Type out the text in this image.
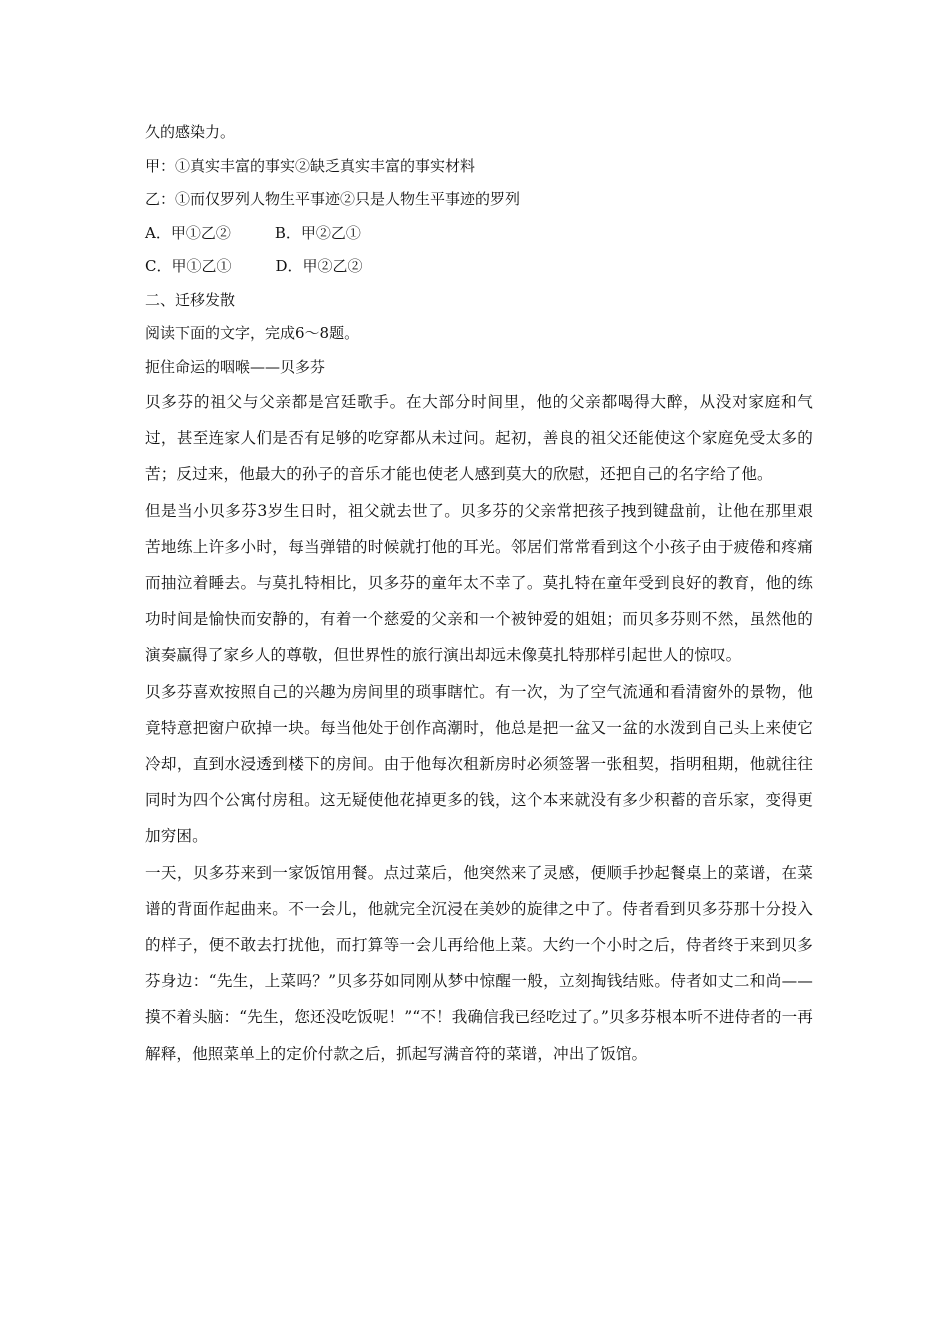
久的感染力。

甲：①真实丰富的事实②缺乏真实丰富的事实材料

乙：①而仅罗列人物生平事迹②只是人物生平事迹的罗列

A．甲①乙②	B．甲②乙①

C．甲①乙①	D．甲②乙②

二、迁移发散

阅读下面的文字，完成6～8题。

扼住命运的咽喉——贝多芬

贝多芬的祖父与父亲都是宫廷歌手。在大部分时间里，他的父亲都喝得大醉，从没对家庭和气过，甚至连家人们是否有足够的吃穿都从未过问。起初，善良的祖父还能使这个家庭免受太多的苦；反过来，他最大的孙子的音乐才能也使老人感到莫大的欣慰，还把自己的名字给了他。

但是当小贝多芬3岁生日时，祖父就去世了。贝多芬的父亲常把孩子拽到键盘前，让他在那里艰苦地练上许多小时，每当弹错的时候就打他的耳光。邻居们常常看到这个小孩子由于疲倦和疼痛而抽泣着睡去。与莫扎特相比，贝多芬的童年太不幸了。莫扎特在童年受到良好的教育，他的练功时间是愉快而安静的，有着一个慈爱的父亲和一个被钟爱的姐姐；而贝多芬则不然，虽然他的演奏赢得了家乡人的尊敬，但世界性的旅行演出却远未像莫扎特那样引起世人的惊叹。

贝多芬喜欢按照自己的兴趣为房间里的琐事瞎忙。有一次，为了空气流通和看清窗外的景物，他竟特意把窗户砍掉一块。每当他处于创作高潮时，他总是把一盆又一盆的水泼到自己头上来使它冷却，直到水浸透到楼下的房间。由于他每次租新房时必须签署一张租契，指明租期，他就往往同时为四个公寓付房租。这无疑使他花掉更多的钱，这个本来就没有多少积蓄的音乐家，变得更加穷困。

一天，贝多芬来到一家饭馆用餐。点过菜后，他突然来了灵感，便顺手抄起餐桌上的菜谱，在菜谱的背面作起曲来。不一会儿，他就完全沉浸在美妙的旋律之中了。侍者看到贝多芬那十分投入的样子，便不敢去打扰他，而打算等一会儿再给他上菜。大约一个小时之后，侍者终于来到贝多芬身边：“先生，上菜吗？”贝多芬如同刚从梦中惊醒一般，立刻掏钱结账。侍者如丈二和尚——摸不着头脑：“先生，您还没吃饭呢！”“不！我确信我已经吃过了。”贝多芬根本听不进侍者的一再解释，他照菜单上的定价付款之后，抓起写满音符的菜谱，冲出了饭馆。
